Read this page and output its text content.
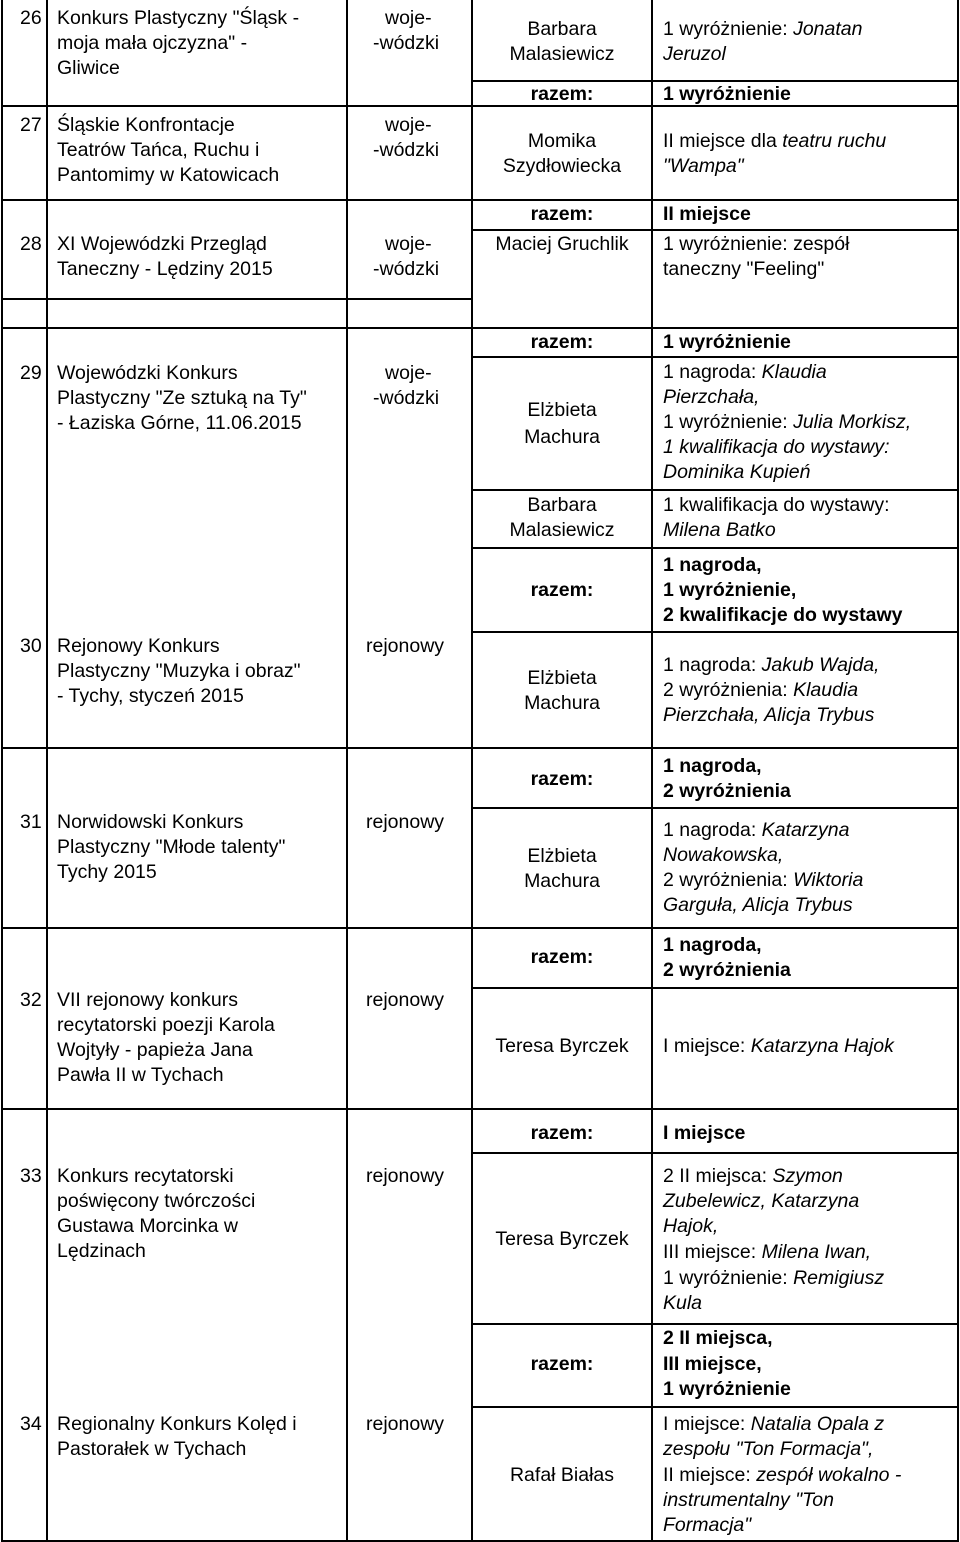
26
27
28
29
30
31
32
33
34
Konkurs Plastyczny "Śląsk -
moja mała ojczyzna" -
Gliwice
Śląskie Konfrontacje
Teatrów Tańca, Ruchu i
Pantomimy w Katowicach
XI Wojewódzki Przegląd
Taneczny - Lędziny 2015
Wojewódzki Konkurs
Plastyczny "Ze sztuką na Ty"
- Łaziska Górne, 11.06.2015
Rejonowy Konkurs
Plastyczny "Muzyka i obraz"
- Tychy, styczeń 2015
Norwidowski Konkurs
Plastyczny "Młode talenty"
Tychy 2015
VII rejonowy konkurs
recytatorski poezji Karola
Wojtyły - papieża Jana
Pawła II w Tychach
Konkurs recytatorski
poświęcony twórczości
Gustawa Morcinka w
Lędzinach
Regionalny Konkurs Kolęd i
Pastorałek w Tychach
woje-
-wódzki
woje-
-wódzki
woje-
-wódzki
woje-
-wódzki
rejonowy
rejonowy
rejonowy
rejonowy
rejonowy
Barbara
Malasiewicz
Momika
Szydłowiecka
Maciej Gruchlik
Elżbieta
Machura
Barbara
Malasiewicz
Elżbieta
Machura
Elżbieta
Machura
Teresa Byrczek
Teresa Byrczek
Rafał Białas
razem:
razem:
razem:
razem:
razem:
razem:
razem:
razem:
1 wyróżnienie: Jonatan
Jeruzol
1 wyróżnienie
II miejsce dla teatru ruchu
"Wampa"
II miejsce
1 wyróżnienie: zespół
taneczny "Feeling"
1 wyróżnienie
1 nagroda: Klaudia
Pierzchała,
1 wyróżnienie: Julia Morkisz,
1 kwalifikacja do wystawy:
Dominika Kupień
1 kwalifikacja do wystawy:
Milena Batko
1 nagroda,
1 wyróżnienie,
2 kwalifikacje do wystawy
1 nagroda: Jakub Wajda,
2 wyróżnienia: Klaudia
Pierzchała, Alicja Trybus
1 nagroda,
2 wyróżnienia
1 nagroda: Katarzyna
Nowakowska,
2 wyróżnienia: Wiktoria
Garguła, Alicja Trybus
1 nagroda,
2 wyróżnienia
I miejsce: Katarzyna Hajok
I miejsce
2 II miejsca: Szymon
Zubelewicz, Katarzyna
Hajok,
III miejsce: Milena Iwan,
1 wyróżnienie: Remigiusz
Kula
2 II miejsca,
III miejsce,
1 wyróżnienie
I miejsce: Natalia Opala z
zespołu "Ton Formacja",
II miejsce: zespół wokalno -
instrumentalny "Ton
Formacja"
